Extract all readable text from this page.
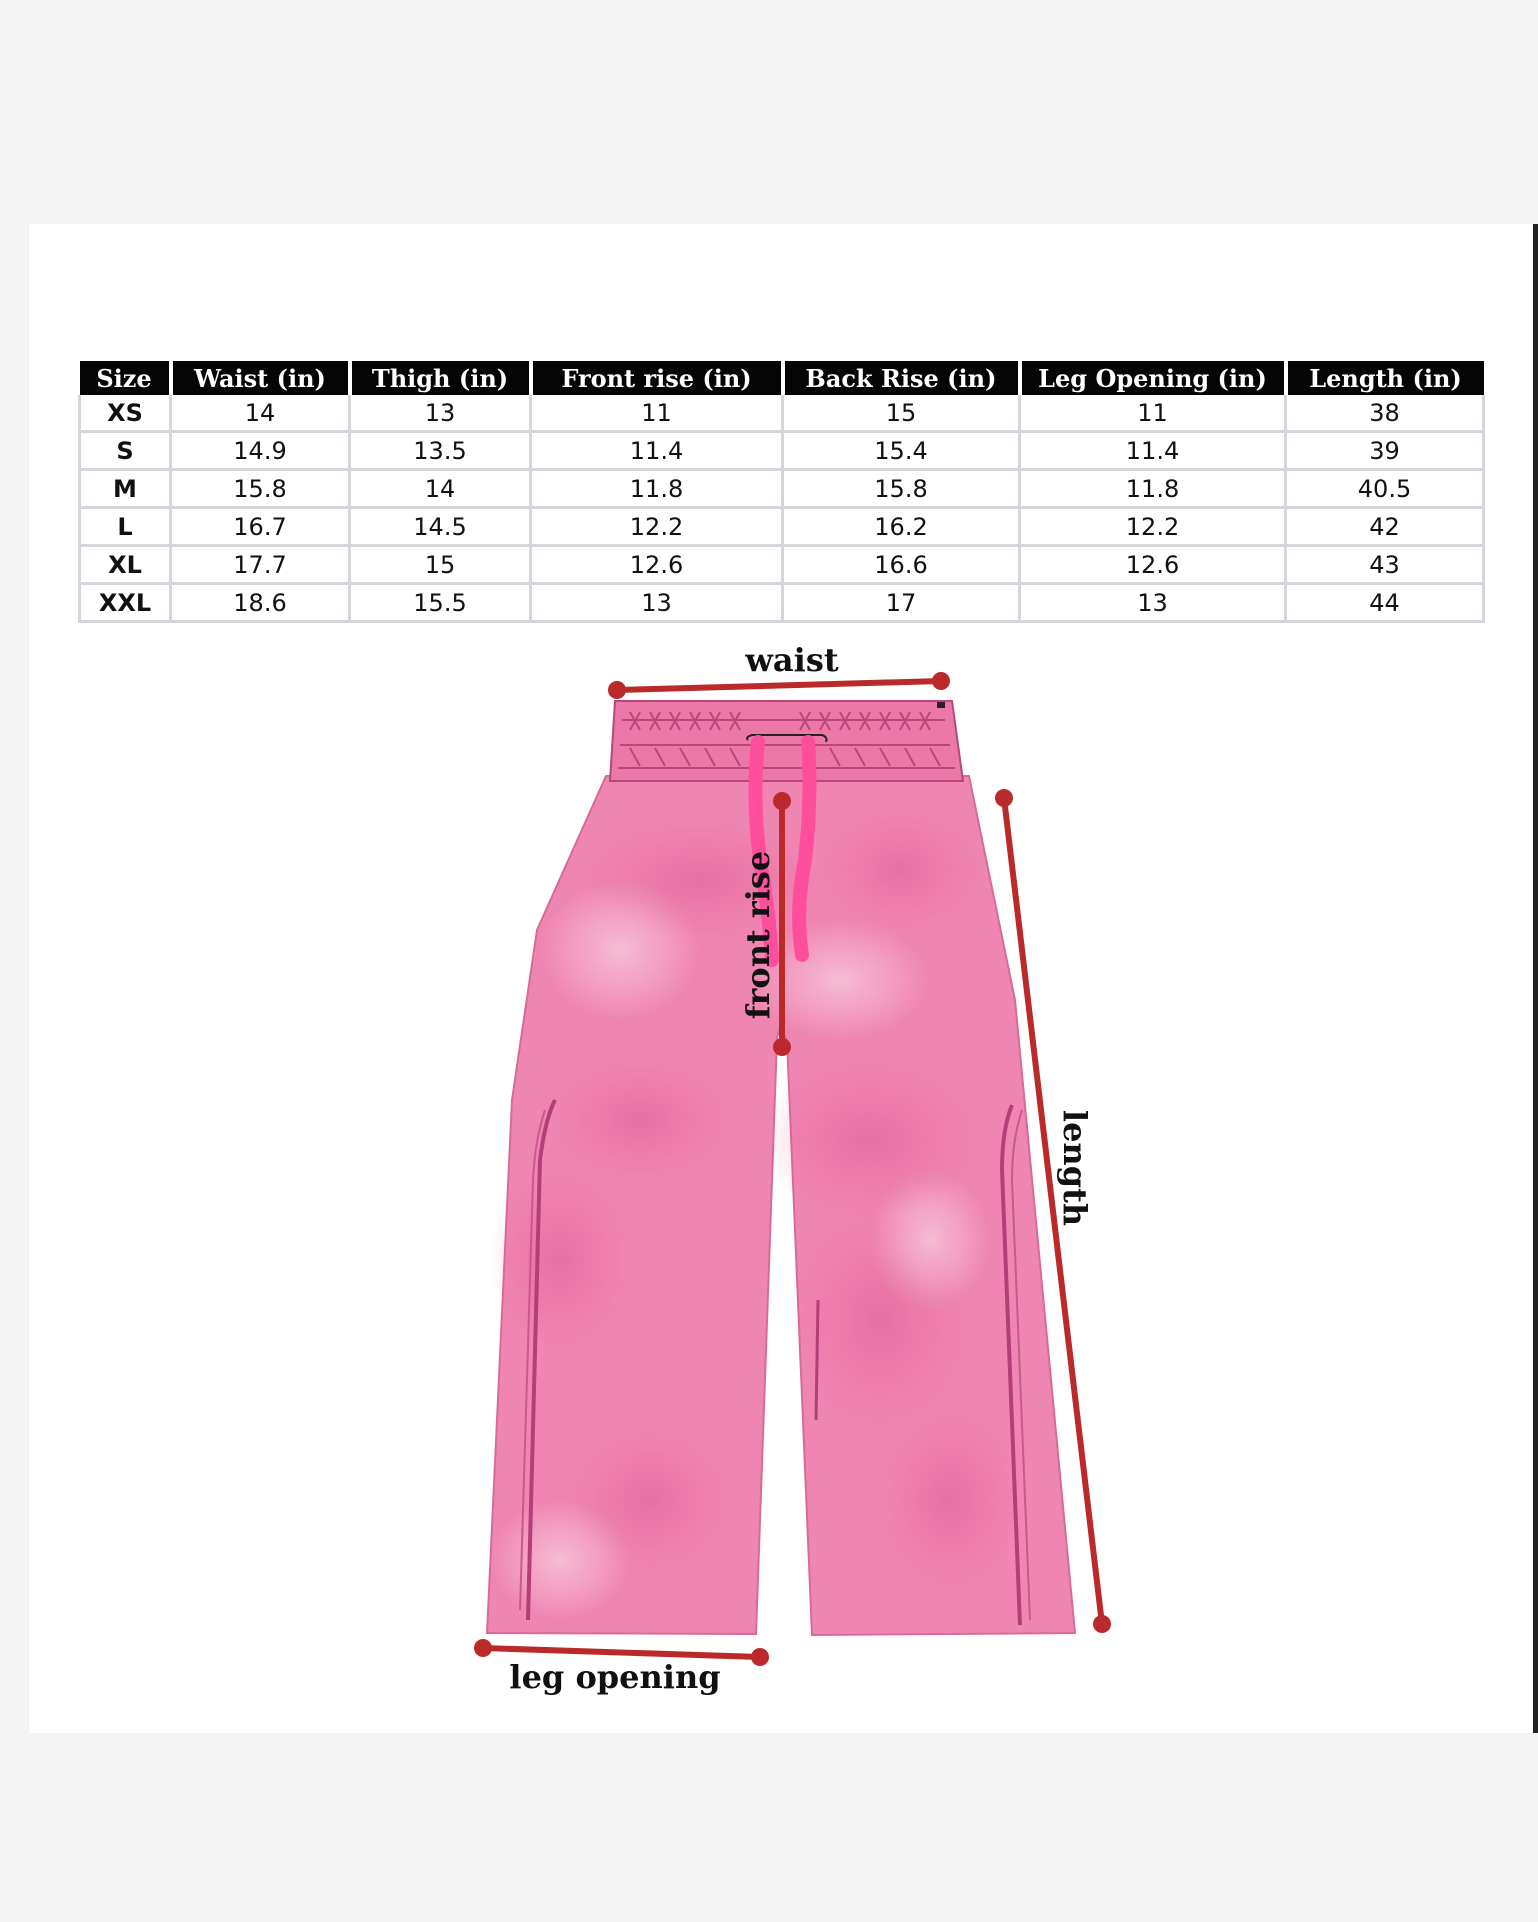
Size	Waist (in)	Thigh (in)	Front rise (in)	Back Rise (in)	Leg Opening (in)	Length (in)
XS	14	13	11	15	11	38
S	14.9	13.5	11.4	15.4	11.4	39
M	15.8	14	11.8	15.8	11.8	40.5
L	16.7	14.5	12.2	16.2	12.2	42
XL	17.7	15	12.6	16.6	12.6	43
XXL	18.6	15.5	13	17	13	44
waist
front rise
length
leg opening
